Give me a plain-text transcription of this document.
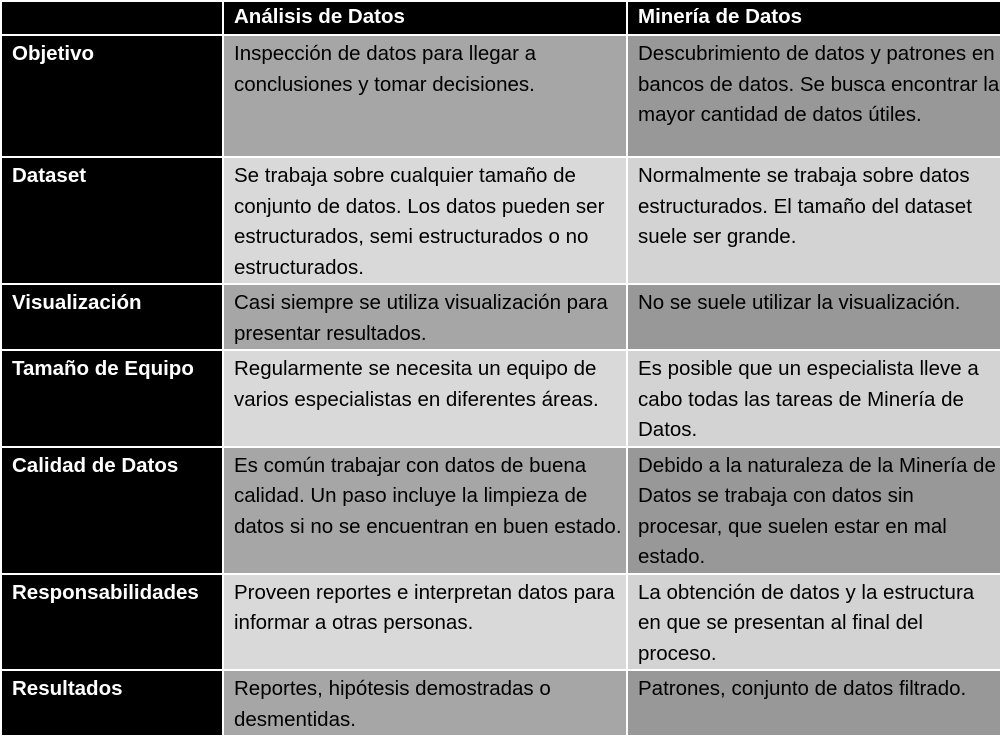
	Análisis de Datos	Minería de Datos
Objetivo	Inspección de datos para llegar a conclusiones y tomar decisiones.	Descubrimiento de datos y patrones en bancos de datos. Se busca encontrar la mayor cantidad de datos útiles.
Dataset	Se trabaja sobre cualquier tamaño de conjunto de datos. Los datos pueden ser estructurados, semi estructurados o no estructurados.	Normalmente se trabaja sobre datos estructurados. El tamaño del dataset suele ser grande.
Visualización	Casi siempre se utiliza visualización para presentar resultados.	No se suele utilizar la visualización.
Tamaño de Equipo	Regularmente se necesita un equipo de varios especialistas en diferentes áreas.	Es posible que un especialista lleve a cabo todas las tareas de Minería de Datos.
Calidad de Datos	Es común trabajar con datos de buena calidad. Un paso incluye la limpieza de datos si no se encuentran en buen estado.	Debido a la naturaleza de la Minería de Datos se trabaja con datos sin procesar, que suelen estar en mal estado.
Responsabilidades	Proveen reportes e interpretan datos para informar a otras personas.	La obtención de datos y la estructura en que se presentan al final del proceso.
Resultados	Reportes, hipótesis demostradas o desmentidas.	Patrones, conjunto de datos filtrado.
